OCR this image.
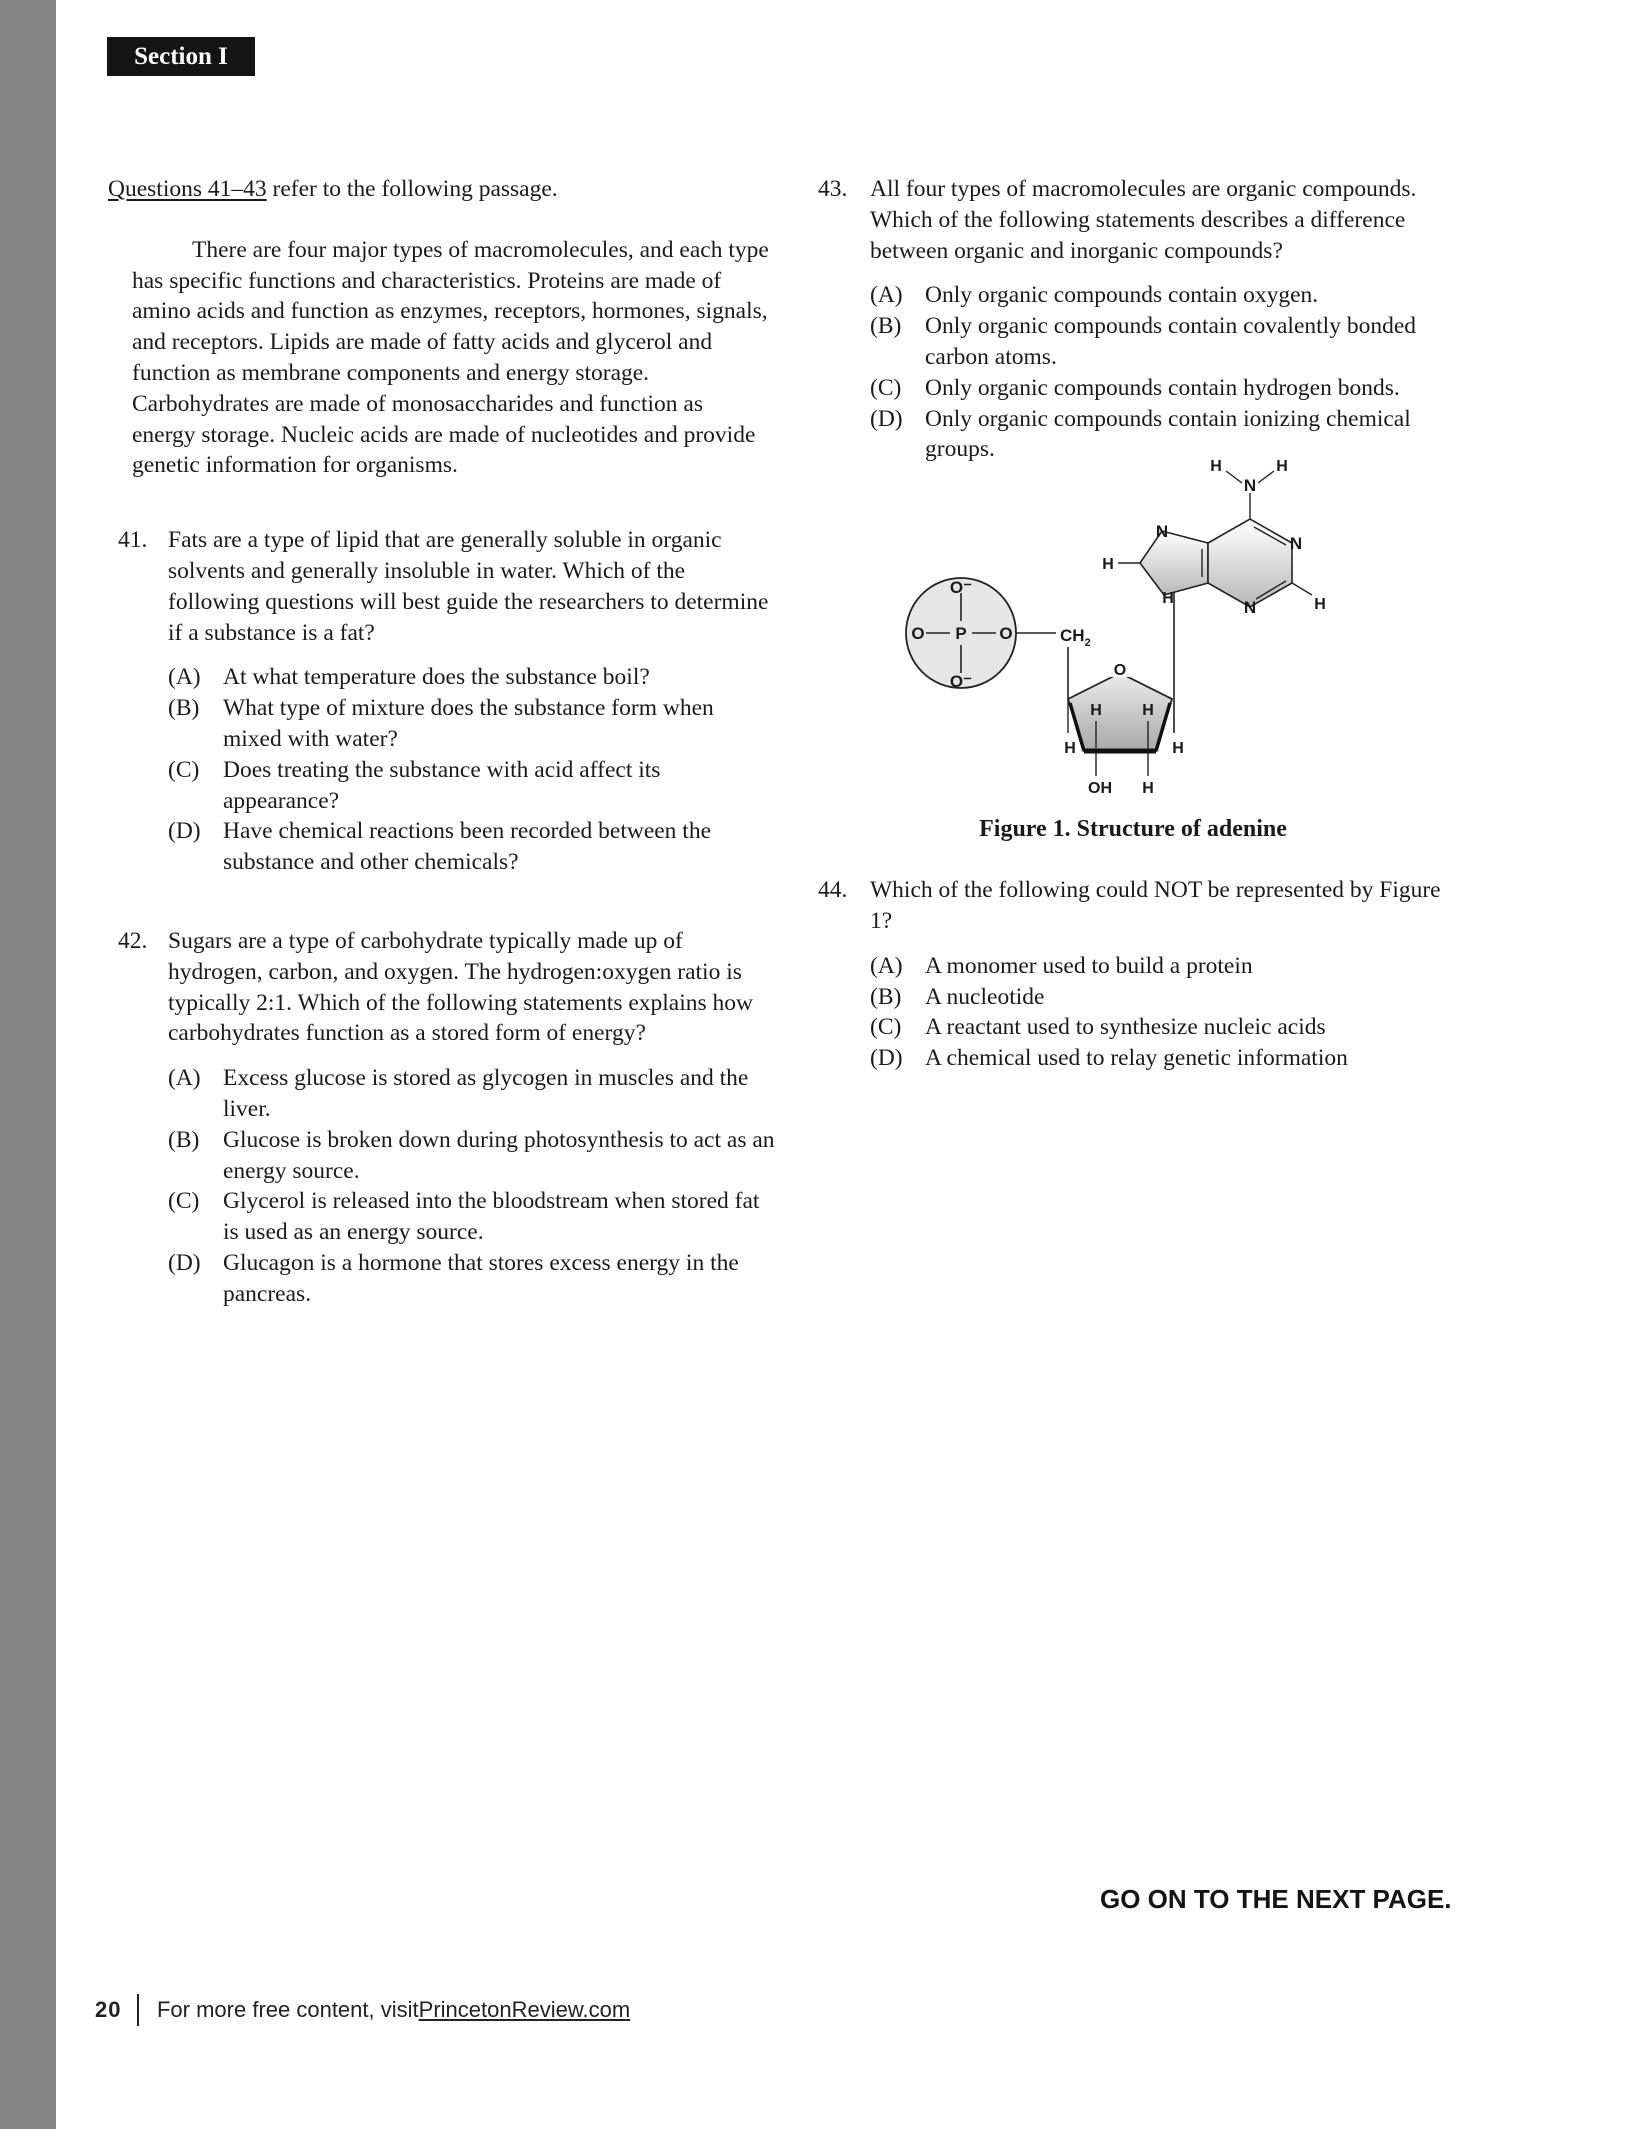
Section I
Questions 41–43 refer to the following passage.

There are four major types of macromolecules, and each type has specific functions and characteristics. Proteins are made of amino acids and function as enzymes, receptors, hormones, signals, and receptors. Lipids are made of fatty acids and glycerol and function as membrane components and energy storage. Carbohydrates are made of monosaccharides and function as energy storage. Nucleic acids are made of nucleotides and provide genetic information for organisms.

41. Fats are a type of lipid that are generally soluble in organic solvents and generally insoluble in water. Which of the following questions will best guide the researchers to determine if a substance is a fat?

(A) At what temperature does the substance boil?
(B)	What type of mixture does the substance form when mixed with water?
(C)	Does treating the substance with acid affect its appearance?
(D) Have chemical reactions been recorded between the substance and other chemicals?
42. Sugars are a type of carbohydrate typically made up of hydrogen, carbon, and oxygen. The hydrogen:oxygen ratio is typically 2:1. Which of the following statements explains how carbohydrates function as a stored form of energy?

(A) Excess glucose is stored as glycogen in muscles and the liver.
(B)	Glucose is broken down during photosynthesis to act as an energy source.
(C)	Glycerol is released into the bloodstream when stored fat is used as an energy source.
(D) Glucagon is a hormone that stores excess energy in the pancreas.
43. All four types of macromolecules are organic compounds. Which of the following statements describes a difference between organic and inorganic compounds?

(A) Only organic compounds contain oxygen.
(B)	Only organic compounds contain covalently bonded carbon atoms.
(C)	Only organic compounds contain hydrogen bonds.
(D) Only organic compounds contain ionizing chemical groups.
O⁻
P
O	O
O⁻
$CH_2$
O
H	H
H
OH H
H
H	H
N
N
N
N
H
H	H
Figure 1. Structure of adenine
44. Which of the following could NOT be represented by Figure 1?

(A) A monomer used to build a protein
(B)	A nucleotide
(C)	A reactant used to synthesize nucleic acids
(D) A chemical used to relay genetic information
GO ON TO THE NEXT PAGE.
20 For more free content, visit PrincetonReview.com
